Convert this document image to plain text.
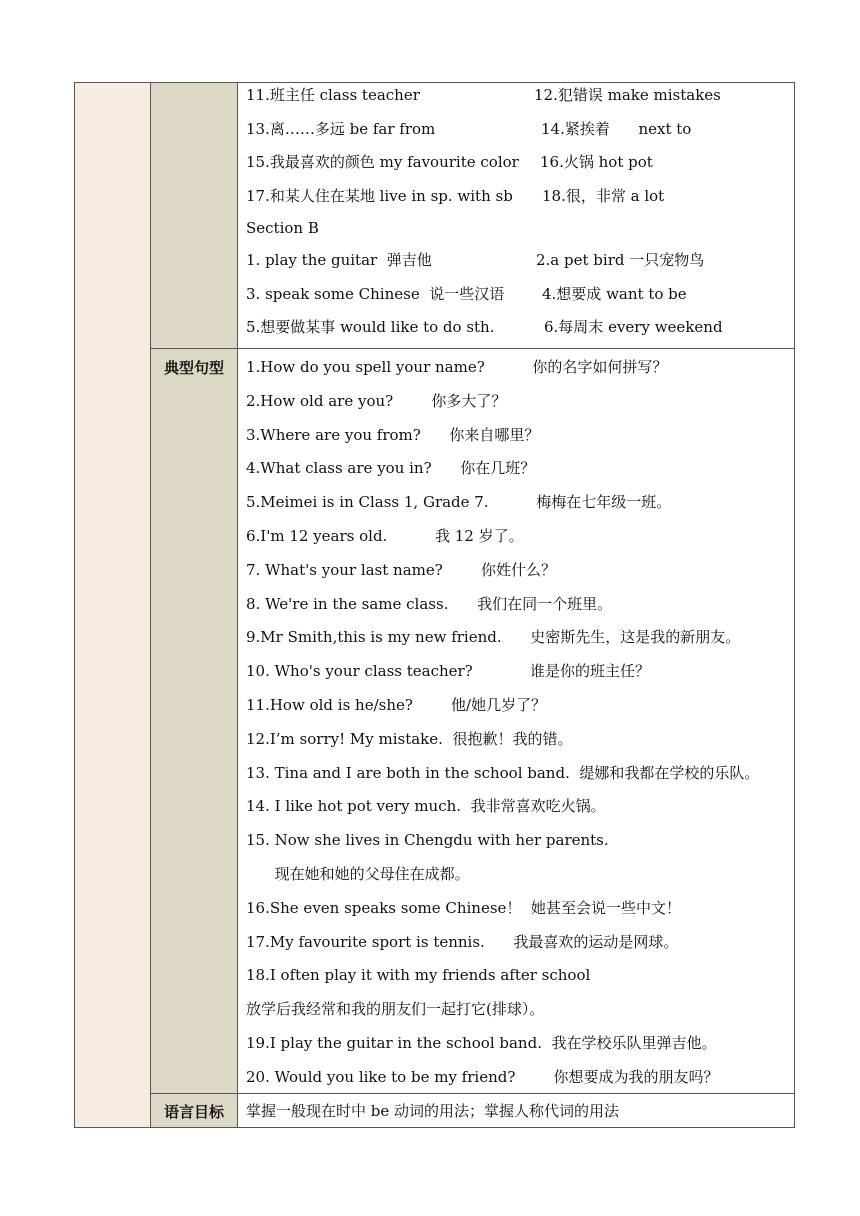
11.班主任 class teacher	12.犯错误 make mistakes
13.离……多远 be far from	14.紧挨着      next to
15.我最喜欢的颜色 my favourite color 16.火锅 hot pot
17.和某人住在某地 live in sp. with sb 18.很，非常 a lot
Section B
1. play the guitar  弹吉他	2.a pet bird 一只宠物鸟
3. speak some Chinese  说一些汉语	4.想要成 want to be
5.想要做某事 would like to do sth.	6.每周末 every weekend
典型句型	1.How do you spell your name?          你的名字如何拼写？
2.How old are you?        你多大了？
3.Where are you from?      你来自哪里？
4.What class are you in?      你在几班？
5.Meimei is in Class 1, Grade 7.          梅梅在七年级一班。
6.I'm 12 years old.          我 12 岁了。
7. What's your last name?        你姓什么？
8. We're in the same class.      我们在同一个班里。
9.Mr Smith,this is my new friend.      史密斯先生，这是我的新朋友。
10. Who's your class teacher?            谁是你的班主任？
11.How old is he/she?        他/她几岁了？
12.I’m sorry! My mistake.  很抱歉！我的错。
13. Tina and I are both in the school band.  缇娜和我都在学校的乐队。
14. I like hot pot very much.  我非常喜欢吃火锅。
15. Now she lives in Chengdu with her parents.
现在她和她的父母住在成都。
16.She even speaks some Chinese！  她甚至会说一些中文！
17.My favourite sport is tennis.      我最喜欢的运动是网球。
18.I often play it with my friends after school
放学后我经常和我的朋友们一起打它(排球）。
19.I play the guitar in the school band.  我在学校乐队里弹吉他。
20. Would you like to be my friend?        你想要成为我的朋友吗？
语言目标	掌握一般现在时中 be 动词的用法；掌握人称代词的用法
